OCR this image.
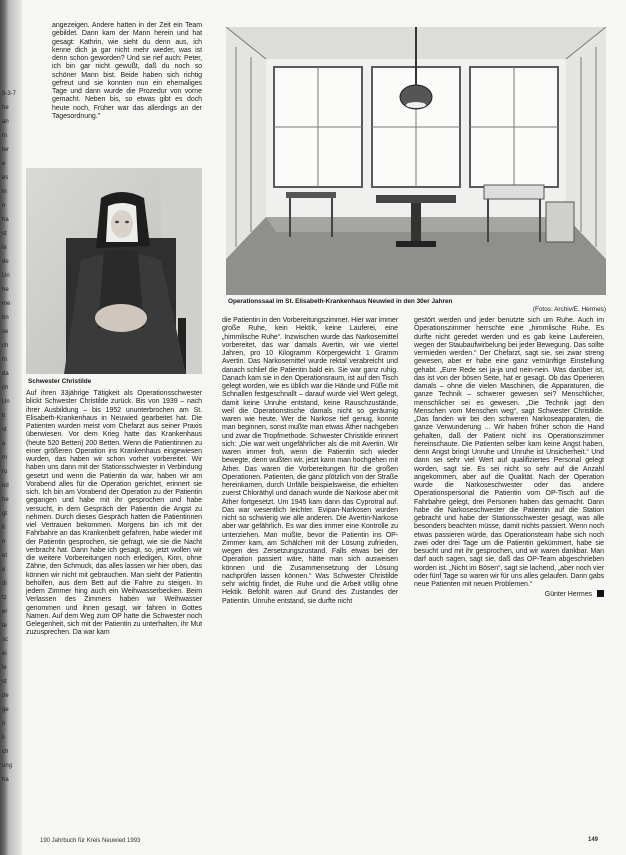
3-3-7
ne
an
m
ter
e
es
in
n
ha
st
le
de
Un
ne
me
hn
se
ch
m
da
ch
Un
b
st
a
m
ru
nd
he
gt
ll
n
et
e
di
tz
er
te
sc
ei
le
st
de
ge
n
li
ch
ung
ha

angezeigen. Andere hatten in der Zeit ein Team gebildet. Dann kam der Mann herein und hat gesagt: Kathrin, wie sieht du denn aus, ich kenne dich ja gar nicht mehr wieder, was ist denn schon geworden? Und sie rief auch: Peter, ich bin gar nicht gewußt, daß du noch so schöner Mann bist. Beide haben sich richtig gefreut und sie konnten nun ein ehemaliges Tage und dann wurde die Prozedur von vorne gemacht. Neben bis, so etwas gibt es doch heute noch, Früher war das allerdings an der Tagesordnung."

Schwester Christilde
Operationssaal im St. Elisabeth-Krankenhaus Neuwied in den 30er Jahren

(Fotos: Archiv/E. Hermes)

Auf ihren 33jährige Tätigkeit als Operationsschwester blickt Schwester Christilde zurück. Bis von 1939 – nach ihrer Ausbildung – bis 1952 ununterbrochen am St. Elisabeth-Krankenhaus in Neuwied gearbeitet hat. Die Patienten wurden meist vom Chefarzt aus seiner Praxis überwiesen. Vor dem Krieg hatte das Krankenhaus (heute 520 Betten) 200 Betten. Wenn die Patientinnen zu einer größeren Operation ins Krankenhaus eingewiesen wurden, das haben wir schon vorher vorbereitet. Wir haben uns dann mit der Stationsschwester in Verbindung gesetzt und wenn die Patientin da war, haben wir am Vorabend alles für die Operation gerichtet, erinnert sie sich. Ich bin am Vorabend der Operation zu der Patientin gegangen und habe mit ihr gesprochen und habe versucht, in dem Gespräch der Patientin die Angst zu nehmen. Durch dieses Gespräch hatten die Patientinnen viel Vertrauen bekommen. Morgens bin ich mit der Fahrbahre an das Krankenbett gefahren, habe wieder mit der Patientin gesprochen, sie gefragt, wie sie die Nacht verbracht hat. Dann habe ich gesagt, so, jetzt wollen wir die weitere Vorbereitungen noch erledigen, Kinn, ohne Zähne, den Schmuck, das alles lassen wir hier oben, das können wir nicht mit gebrauchen. Man sieht der Patientin beholfen, aus dem Bett auf die Fahre zu steigen. In jedem Zimmer hing auch ein Weihwasserbecken. Beim Verlassen des Zimmers haben wir Weihwasser genommen und ihnen gesagt, wir fahren in Gottes Namen. Auf dem Weg zum OP hatte die Schwester noch Gelegenheit, sich mit der Patientin zu unterhalten, ihr Mut zuzusprechen. Da war kam

die Patientin in den Vorbereitungszimmer. Hier war immer große Ruhe, kein Hektik, keine Lauferei, eine „himmlische Ruhe“. Inzwischen wurde das Narkosemittel vorbereitet, das war damals Avertin, wir wie viertel Jahren, pro 10 Kilogramm Körpergewicht 1 Gramm Avertin. Das Narkosemittel wurde rektal verabreicht und danach schlief die Patientin bald ein. Sie war ganz ruhig. Danach kam sie in den Operationsraum, ist auf den Tisch gelegt worden, wie es üblich war die Hände und Füße mit Schnallen festgeschnallt – darauf wurde viel Wert gelegt, damit keine Unruhe entstand, keine Rauschzustände, weil die Operationstische damals nicht so geräumig waren wie heute. Wer die Narkose tief genug, konnte man beginnen, sonst mußte man etwas Äther nachgeben und zwar die Tropfmethode. Schwester Christilde erinnert sich: „Die war weit ungefährlicher als die mit Avertin. Wir waren immer froh, wenn die Patientin sich wieder bewegte, denn wußten wir, jetzt kann man hochgehen mit Äther. Das waren die Vorbereitungen für die großen Operationen. Patienten, die ganz plötzlich von der Straße hereinkamen, durch Unfälle beispielsweise, die erhielten zuerst Chloräthyl und danach wurde die Narkose aber mit Äther fortgesetzt. Um 1945 kam dann das Cyprotral auf. Das war wesentlich leichter. Evipan-Narkosen wurden nicht so schwierig wie alle anderen. Die Avertin-Narkose aber war gefährlich. Es war dies immer eine Kontrolle zu unterziehen. Man mußte, bevor die Patientin ins OP-Zimmer kam, am Schälchen mit der Lösung zufrieden, wegen des Zersetzungszustand. Falls etwas bei der Operation passiert wäre, hätte man sich ausweisen können und die Zusammensetzung der Lösung nachprüfen lassen können.“ Was Schwester Christilde sehr wichtig findet, die Ruhe und die Arbeit völlig ohne Hektik. Befohlt waren auf Grund des Zustandes der Patientin. Unruhe entstand, sie durfte nicht

gestört werden und jeder benutzte sich um Ruhe. Auch im Operationszimmer herrschte eine „himmlische Ruhe. Es durfte nicht geredet werden und es gab keine Laufereien, wegen der Staubaufwirbelung bei jeder Bewegung. Das sollte vermieden werden.“ Der Chefarzt, sagt sie, sei zwar streng gewesen, aber er habe eine ganz vernünftige Einstellung gehabt. „Eure Rede sei ja-ja und nein-nein. Was darüber ist, das ist von der bösen Seite, hat er gesagt. Ob das Operieren damals – ohne die vielen Maschinen, die Apparaturen, die ganze Technik – schwerer gewesen sei? Menschlicher, menschlicher sei es gewesen. „Die Technik jagt den Menschen vom Menschen weg“, sagt Schwester Christilde. „Das fanden wir bei den schweren Narkoseapparaten, die ganze Verwunderung ... Wir haben früher schon die Hand gehalten, daß der Patient nicht ins Operationszimmer hereinschaute. Die Patienten selber kam keine Angst haben, denn Angst bringt Unruhe und Unruhe ist Unsicherheit.“ Und dann sei sehr viel Wert auf qualifiziertes Personal gelegt worden, sagt sie. Es sei nicht so sehr auf die Anzahl angekommen, aber auf die Qualität. Nach der Operation wurde die Narkoseschwester oder das andere Operationspersonal die Patientin vom OP-Tisch auf die Fahrbahre gelegt, drei Personen haben das gemacht. Dann habe die Narkoseschwester die Patientin auf die Station gebracht und habe der Stationsschwester gesagt, was alle besonders beachten müsse, damit nichts passiert. Wenn noch etwas passieren würde, das Operationsteam habe sich noch zwei oder drei Tage um die Patientin gekümmert, habe sie besucht und mit ihr gesprochen, und wir waren dankbar. Man darf auch sagen, sagt sie, daß das OP-Team abgeschrieben worden ist. „Nicht im Bösen“, sagt sie lachend, „aber noch vier oder fünf Tage so waren wir für uns alles gelaufen. Dann gabs neue Patienten mit neuen Problemen.“

Günter Hermes

190 Jahrbuch für Kreis Neuwied 1993	149
